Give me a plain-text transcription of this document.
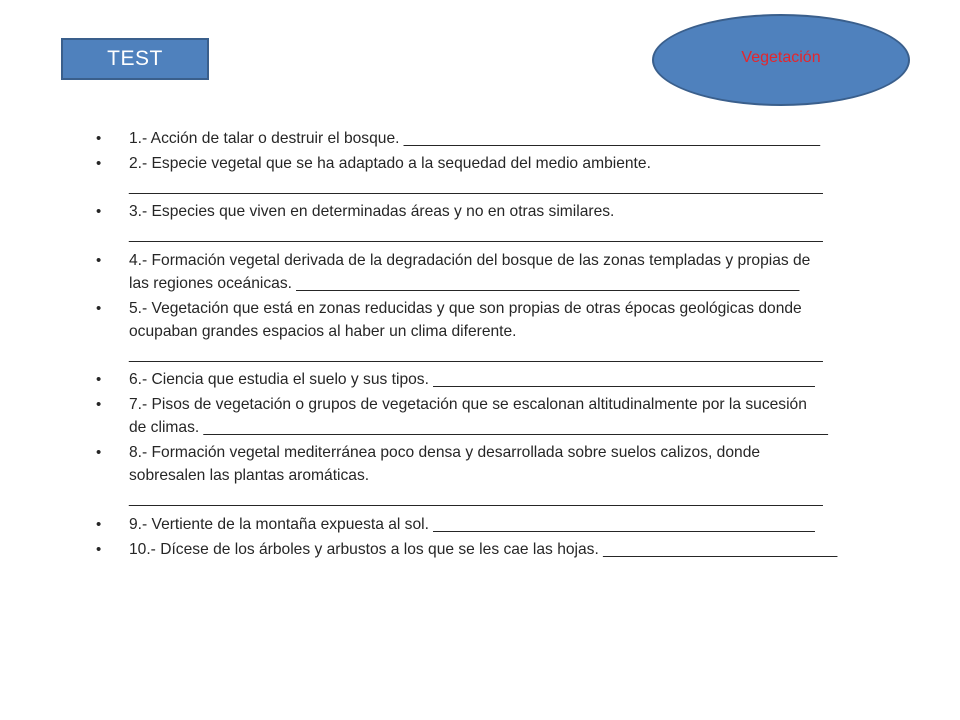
TEST	Vegetación
• 1.- Acción de talar o destruir el bosque. ________________________________________________
• 2.- Especie vegetal que se ha adaptado a la sequedad del medio ambiente.
________________________________________________________________________________
• 3.- Especies que viven en determinadas áreas y no en otras similares.
________________________________________________________________________________
• 4.- Formación vegetal derivada de la degradación del bosque de las zonas templadas y propias de
las regiones oceánicas. __________________________________________________________
• 5.- Vegetación que está en zonas reducidas y que son propias de otras épocas geológicas donde
ocupaban grandes espacios al haber un clima diferente.
________________________________________________________________________________
• 6.- Ciencia que estudia el suelo y sus tipos. ____________________________________________
• 7.- Pisos de vegetación o grupos de vegetación que se escalonan altitudinalmente por la sucesión
de climas. ________________________________________________________________________
• 8.- Formación vegetal mediterránea poco densa y desarrollada sobre suelos calizos, donde
sobresalen las plantas aromáticas.
________________________________________________________________________________
• 9.- Vertiente de la montaña expuesta al sol. ____________________________________________
• 10.- Dícese de los árboles y arbustos a los que se les cae las hojas. ___________________________
